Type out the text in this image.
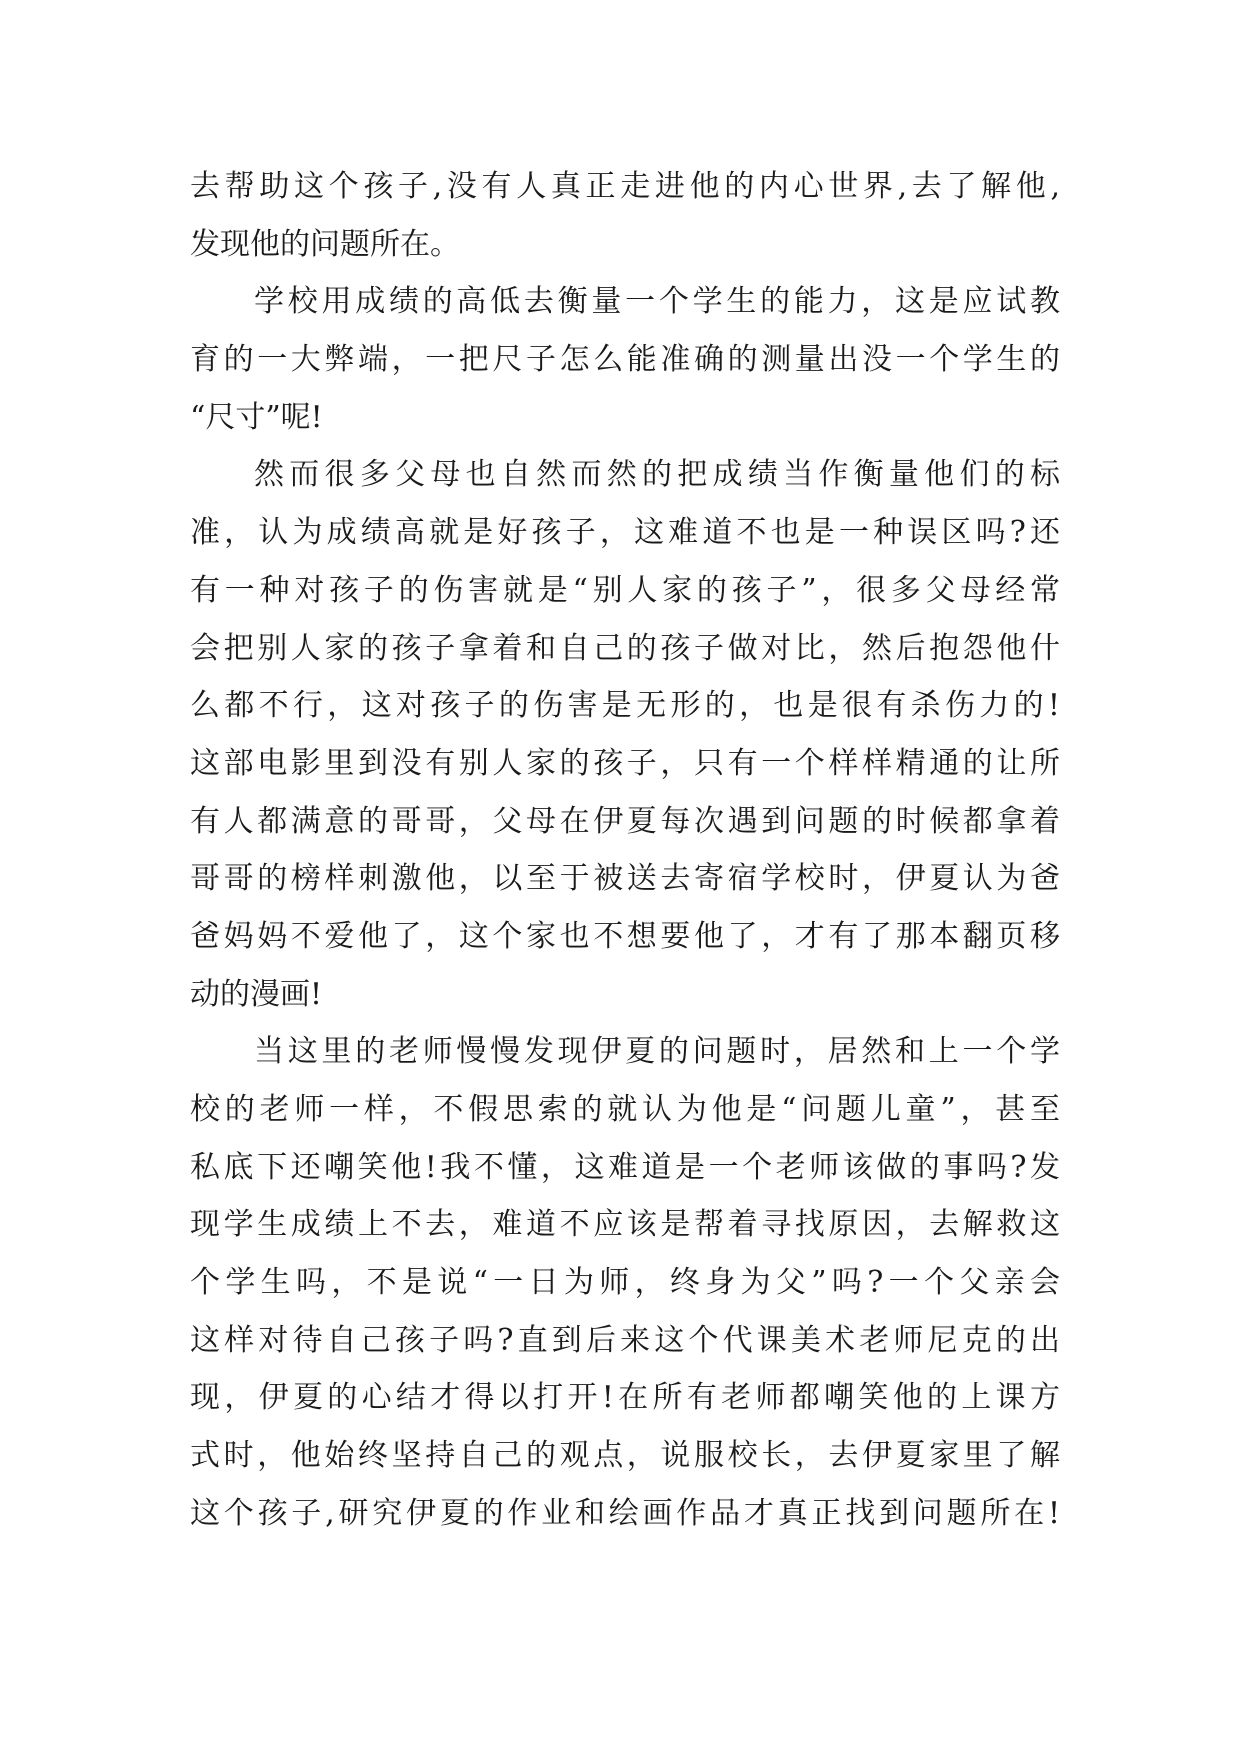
去帮助这个孩子,没有人真正走进他的内心世界,去了解他,
发现他的问题所在。
学校用成绩的高低去衡量一个学生的能力，这是应试教
育的一大弊端，一把尺子怎么能准确的测量出没一个学生的
“尺寸”呢!
然而很多父母也自然而然的把成绩当作衡量他们的标
准，认为成绩高就是好孩子，这难道不也是一种误区吗?还
有一种对孩子的伤害就是“别人家的孩子”，很多父母经常
会把别人家的孩子拿着和自己的孩子做对比，然后抱怨他什
么都不行，这对孩子的伤害是无形的，也是很有杀伤力的!
这部电影里到没有别人家的孩子，只有一个样样精通的让所
有人都满意的哥哥，父母在伊夏每次遇到问题的时候都拿着
哥哥的榜样刺激他，以至于被送去寄宿学校时，伊夏认为爸
爸妈妈不爱他了，这个家也不想要他了，才有了那本翻页移
动的漫画!
当这里的老师慢慢发现伊夏的问题时，居然和上一个学
校的老师一样，不假思索的就认为他是“问题儿童”，甚至
私底下还嘲笑他!我不懂，这难道是一个老师该做的事吗?发
现学生成绩上不去，难道不应该是帮着寻找原因，去解救这
个学生吗，不是说“一日为师，终身为父”吗?一个父亲会
这样对待自己孩子吗?直到后来这个代课美术老师尼克的出
现，伊夏的心结才得以打开!在所有老师都嘲笑他的上课方
式时，他始终坚持自己的观点，说服校长，去伊夏家里了解
这个孩子,研究伊夏的作业和绘画作品才真正找到问题所在!
